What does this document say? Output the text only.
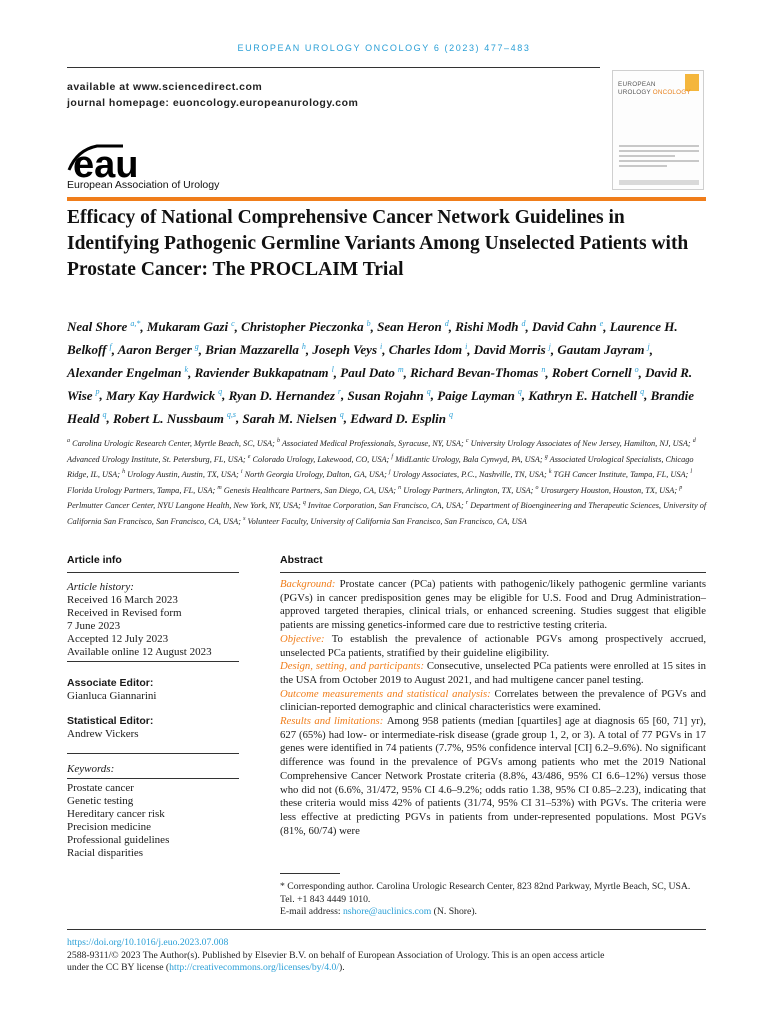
EUROPEAN UROLOGY ONCOLOGY 6 (2023) 477–483
available at www.sciencedirect.com
journal homepage: euoncology.europeanurology.com
eau
European Association of Urology
EUROPEAN
UROLOGY ONCOLOGY
Efficacy of National Comprehensive Cancer Network Guidelines in Identifying Pathogenic Germline Variants Among Unselected Patients with Prostate Cancer: The PROCLAIM Trial
Neal Shore $^{a,*}$, Mukaram Gazi $^c$, Christopher Pieczonka $^b$, Sean Heron $^d$, Rishi Modh $^d$, David Cahn $^e$, Laurence H. Belkoff $^f$, Aaron Berger $^g$, Brian Mazzarella $^h$, Joseph Veys $^i$, Charles Idom $^i$, David Morris $^j$, Gautam Jayram $^j$, Alexander Engelman $^k$, Raviender Bukkapatnam $^l$, Paul Dato $^m$, Richard Bevan-Thomas $^n$, Robert Cornell $^o$, David R. Wise $^p$, Mary Kay Hardwick $^q$, Ryan D. Hernandez $^r$, Susan Rojahn $^q$, Paige Layman $^q$, Kathryn E. Hatchell $^q$, Brandie Heald $^q$, Robert L. Nussbaum $^{q,s}$, Sarah M. Nielsen $^q$, Edward D. Esplin $^q$
$^a$ Carolina Urologic Research Center, Myrtle Beach, SC, USA; $^b$ Associated Medical Professionals, Syracuse, NY, USA; $^c$ University Urology Associates of New Jersey, Hamilton, NJ, USA; $^d$ Advanced Urology Institute, St. Petersburg, FL, USA; $^e$ Colorado Urology, Lakewood, CO, USA; $^f$ MidLantic Urology, Bala Cynwyd, PA, USA; $^g$ Associated Urological Specialists, Chicago Ridge, IL, USA; $^h$ Urology Austin, Austin, TX, USA; $^i$ North Georgia Urology, Dalton, GA, USA; $^j$ Urology Associates, P.C., Nashville, TN, USA; $^k$ TGH Cancer Institute, Tampa, FL, USA; $^l$ Florida Urology Partners, Tampa, FL, USA; $^m$ Genesis Healthcare Partners, San Diego, CA, USA; $^n$ Urology Partners, Arlington, TX, USA; $^o$ Urosurgery Houston, Houston, TX, USA; $^p$ Perlmutter Cancer Center, NYU Langone Health, New York, NY, USA; $^q$ Invitae Corporation, San Francisco, CA, USA; $^r$ Department of Bioengineering and Therapeutic Sciences, University of California San Francisco, San Francisco, CA, USA; $^s$ Volunteer Faculty, University of California San Francisco, San Francisco, CA, USA
Article info	Abstract
Article history:
Received 16 March 2023
Received in Revised form
7 June 2023
Accepted 12 July 2023
Available online 12 August 2023
Associate Editor:
Gianluca Giannarini
Statistical Editor:
Andrew Vickers
Keywords:
Prostate cancer
Genetic testing
Hereditary cancer risk
Precision medicine
Professional guidelines
Racial disparities

Background: Prostate cancer (PCa) patients with pathogenic/likely pathogenic germline variants (PGVs) in cancer predisposition genes may be eligible for U.S. Food and Drug Administration–approved targeted therapies, clinical trials, or enhanced screening. Studies suggest that eligible patients are missing genetics-informed care due to restrictive testing criteria.

Objective: To establish the prevalence of actionable PGVs among prospectively accrued, unselected PCa patients, stratified by their guideline eligibility.

Design, setting, and participants: Consecutive, unselected PCa patients were enrolled at 15 sites in the USA from October 2019 to August 2021, and had multigene cancer panel testing.

Outcome measurements and statistical analysis: Correlates between the prevalence of PGVs and clinician-reported demographic and clinical characteristics were examined.

Results and limitations: Among 958 patients (median [quartiles] age at diagnosis 65 [60, 71] yr), 627 (65%) had low- or intermediate-risk disease (grade group 1, 2, or 3). A total of 77 PGVs in 17 genes were identified in 74 patients (7.7%, 95% confidence interval [CI] 6.2–9.6%). No significant difference was found in the prevalence of PGVs among patients who met the 2019 National Comprehensive Cancer Network Prostate criteria (8.8%, 43/486, 95% CI 6.6–12%) versus those who did not (6.6%, 31/472, 95% CI 4.6–9.2%; odds ratio 1.38, 95% CI 0.85–2.23), indicating that these criteria would miss 42% of patients (31/74, 95% CI 31–53%) with PGVs. The criteria were less effective at predicting PGVs in patients from under-represented populations. Most PGVs (81%, 60/74) were

* Corresponding author. Carolina Urologic Research Center, 823 82nd Parkway, Myrtle Beach, SC, USA. Tel. +1 843 4449 1010.
E-mail address: nshore@auclinics.com (N. Shore).
https://doi.org/10.1016/j.euo.2023.07.008
2588-9311/© 2023 The Author(s). Published by Elsevier B.V. on behalf of European Association of Urology. This is an open access article
under the CC BY license (http://creativecommons.org/licenses/by/4.0/).
